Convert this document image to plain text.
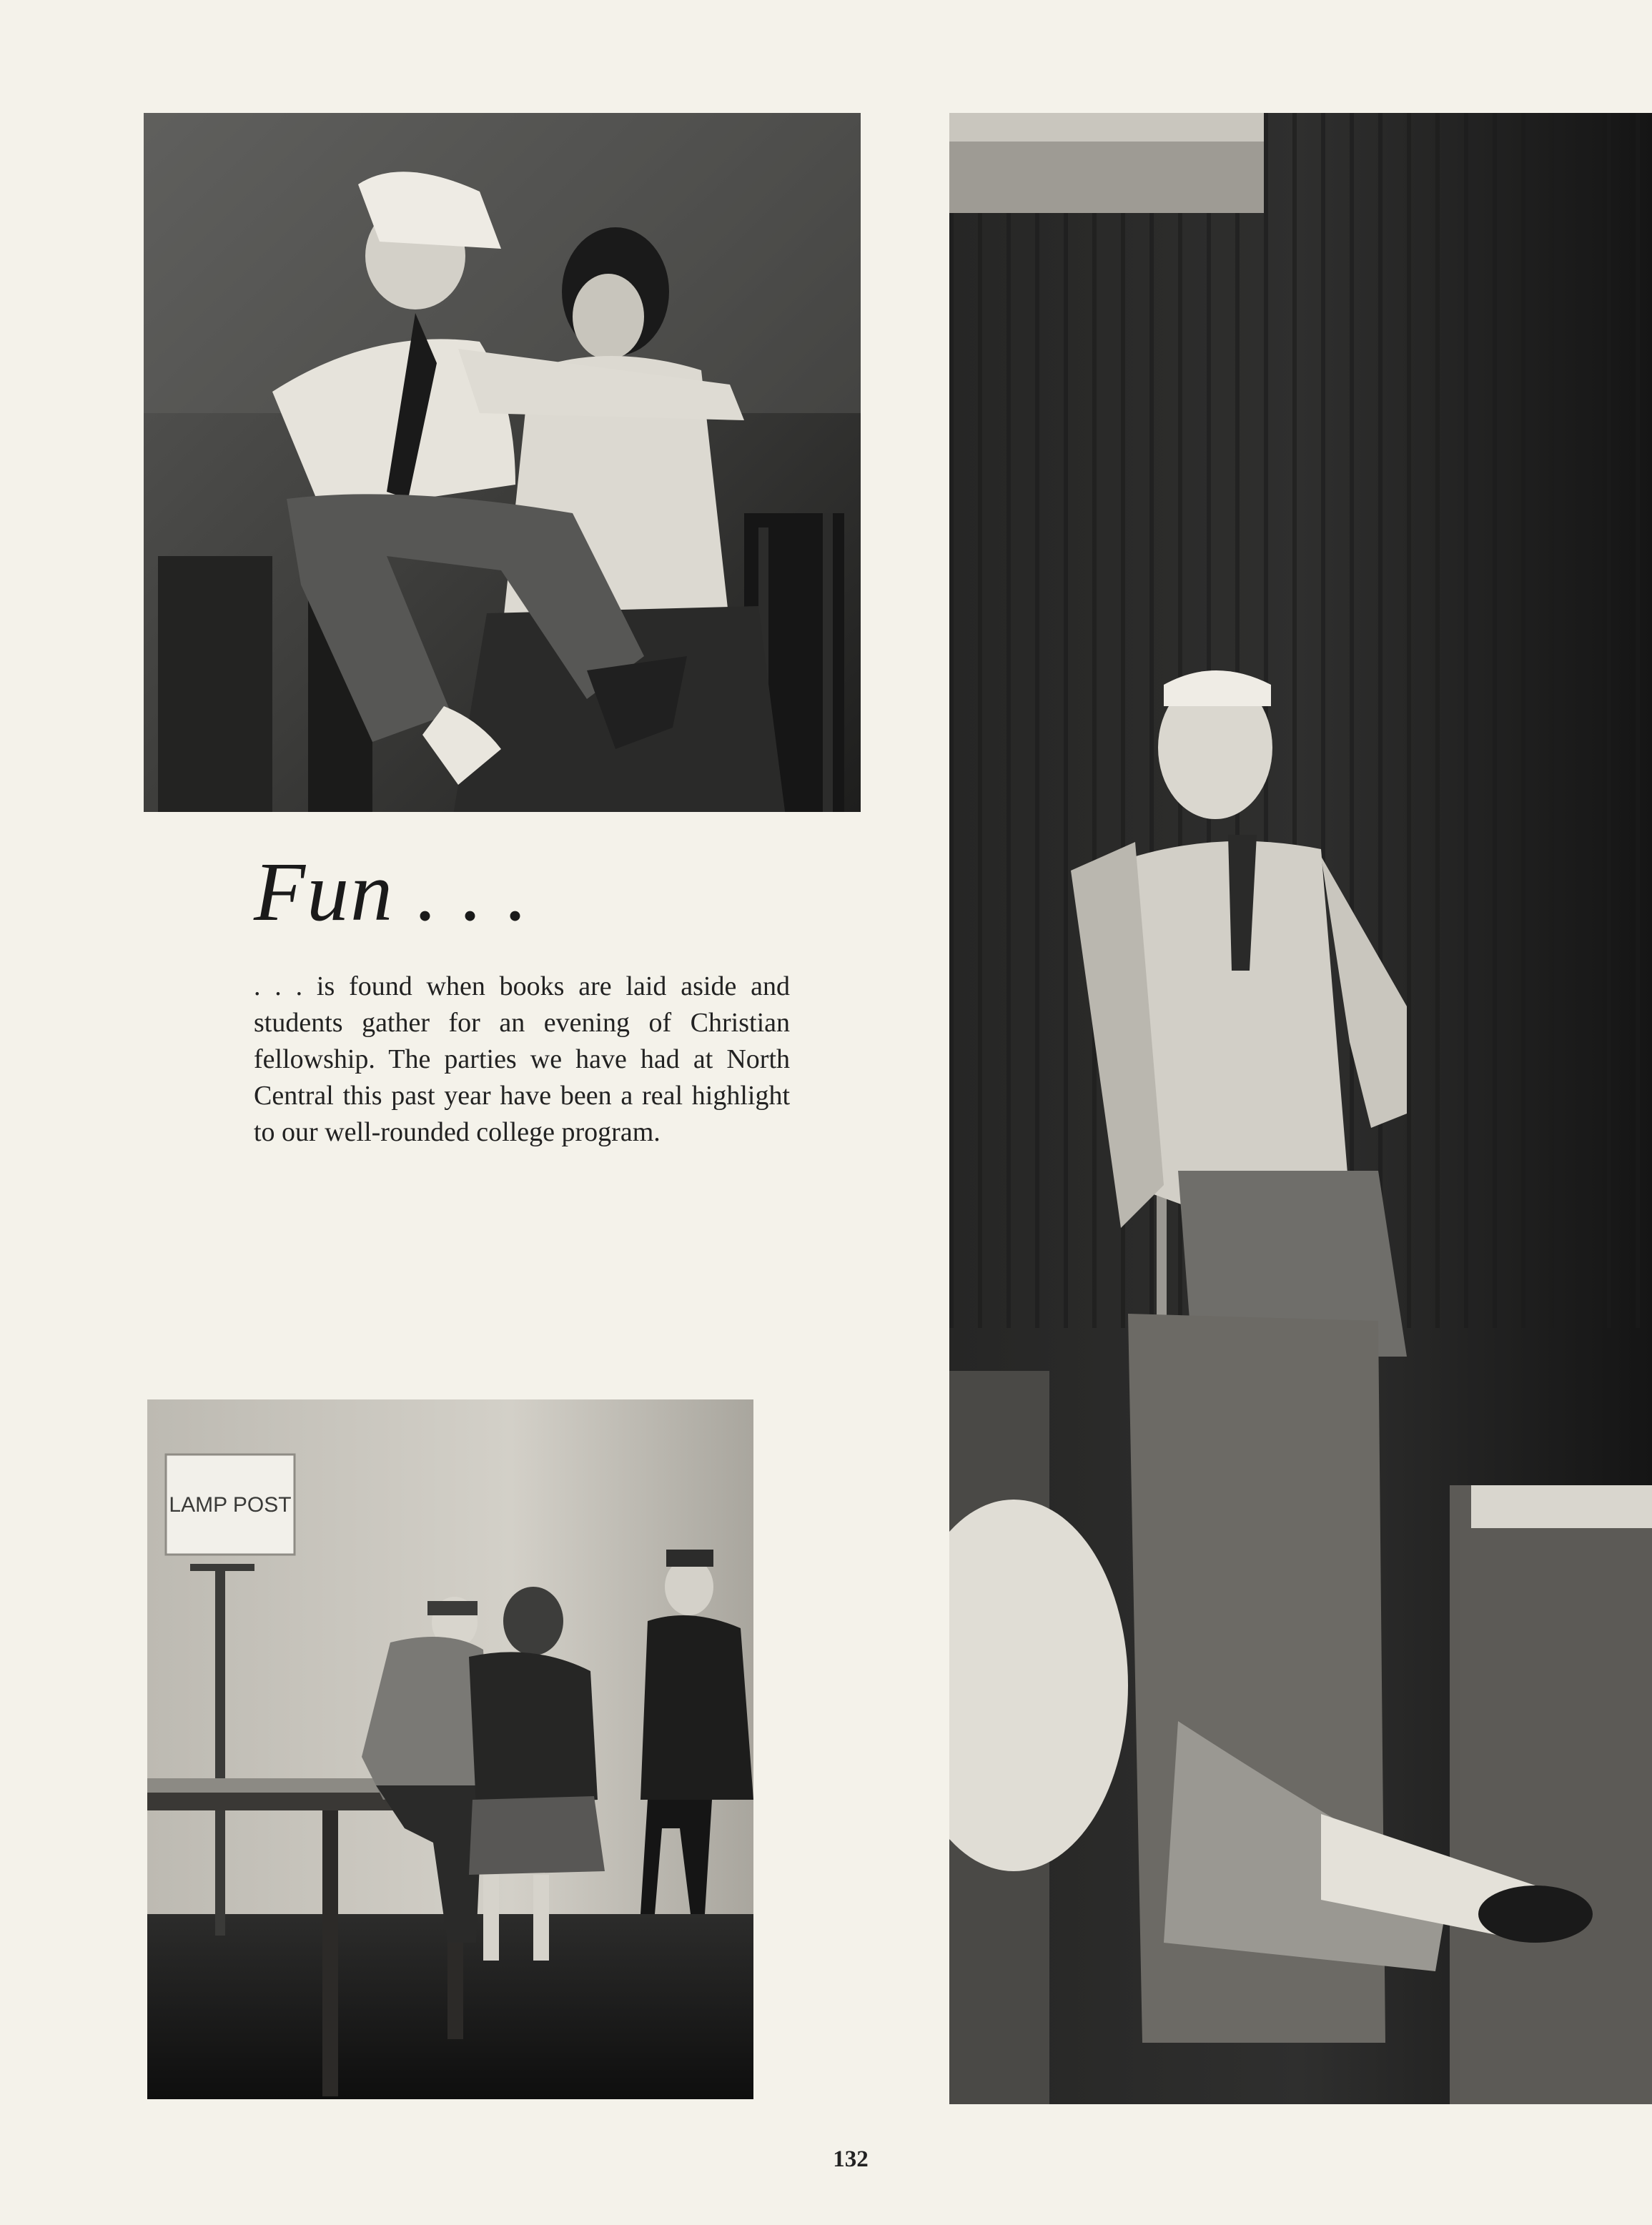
Fun . . .

. . . is found when books are laid aside and students gather for an evening of Christian fellowship. The parties we have had at North Central this past year have been a real highlight to our well-rounded college program.

LAMP POST
132
